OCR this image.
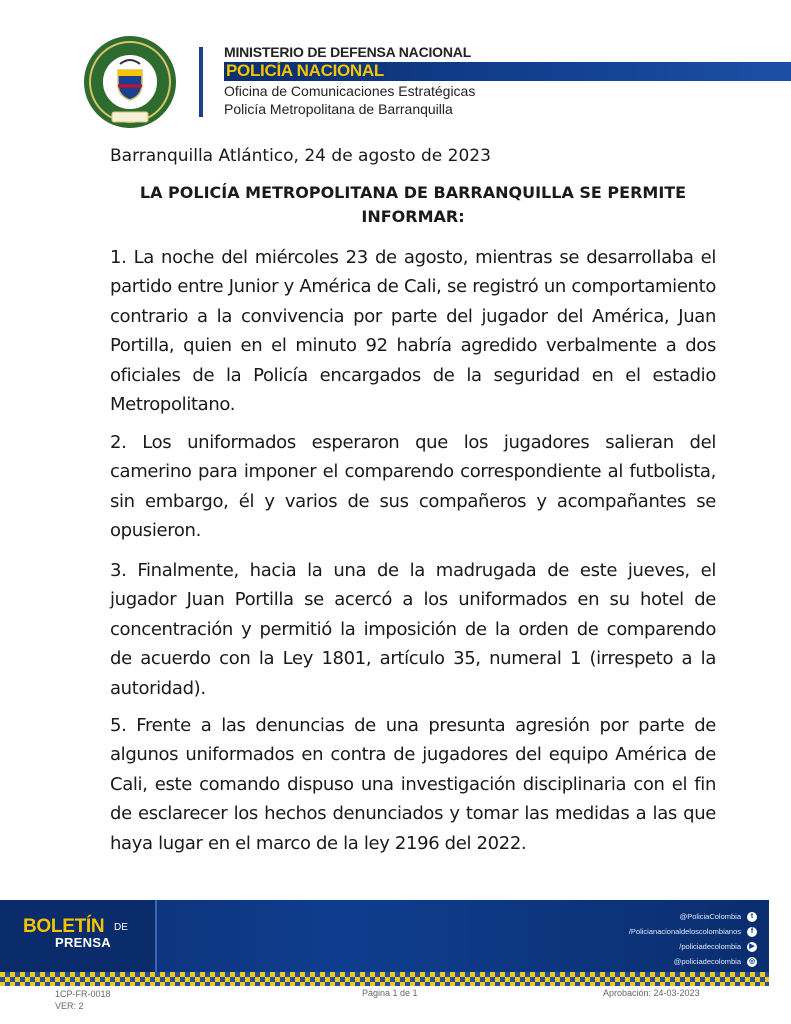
MINISTERIO DE DEFENSA NACIONAL
POLICÍA NACIONAL
Oficina de Comunicaciones Estratégicas
Policía Metropolitana de Barranquilla
Barranquilla Atlántico, 24 de agosto de 2023
LA POLICÍA METROPOLITANA DE BARRANQUILLA SE PERMITE INFORMAR:

1. La noche del miércoles 23 de agosto, mientras se desarrollaba el partido entre Junior y América de Cali, se registró un comportamiento contrario a la convivencia por parte del jugador del América, Juan Portilla, quien en el minuto 92 habría agredido verbalmente a dos oficiales de la Policía encargados de la seguridad en el estadio Metropolitano.

2. Los uniformados esperaron que los jugadores salieran del camerino para imponer el comparendo correspondiente al futbolista, sin embargo, él y varios de sus compañeros y acompañantes se opusieron.

3. Finalmente, hacia la una de la madrugada de este jueves, el jugador Juan Portilla se acercó a los uniformados en su hotel de concentración y permitió la imposición de la orden de comparendo de acuerdo con la Ley 1801, artículo 35, numeral 1 (irrespeto a la autoridad).

5. Frente a las denuncias de una presunta agresión por parte de algunos uniformados en contra de jugadores del equipo América de Cali, este comando dispuso una investigación disciplinaria con el fin de esclarecer los hechos denunciados y tomar las medidas a las que haya lugar en el marco de la ley 2196 del 2022.

BOLETÍN DE
PRENSA
@PoliciaColombia	t
/Policianacionaldeloscolombianos	f
/policiadecolombia	▶
@policiadecolombia ◎
1CP-FR-0018
VER: 2
Página 1 de 1	Aprobación: 24-03-2023
